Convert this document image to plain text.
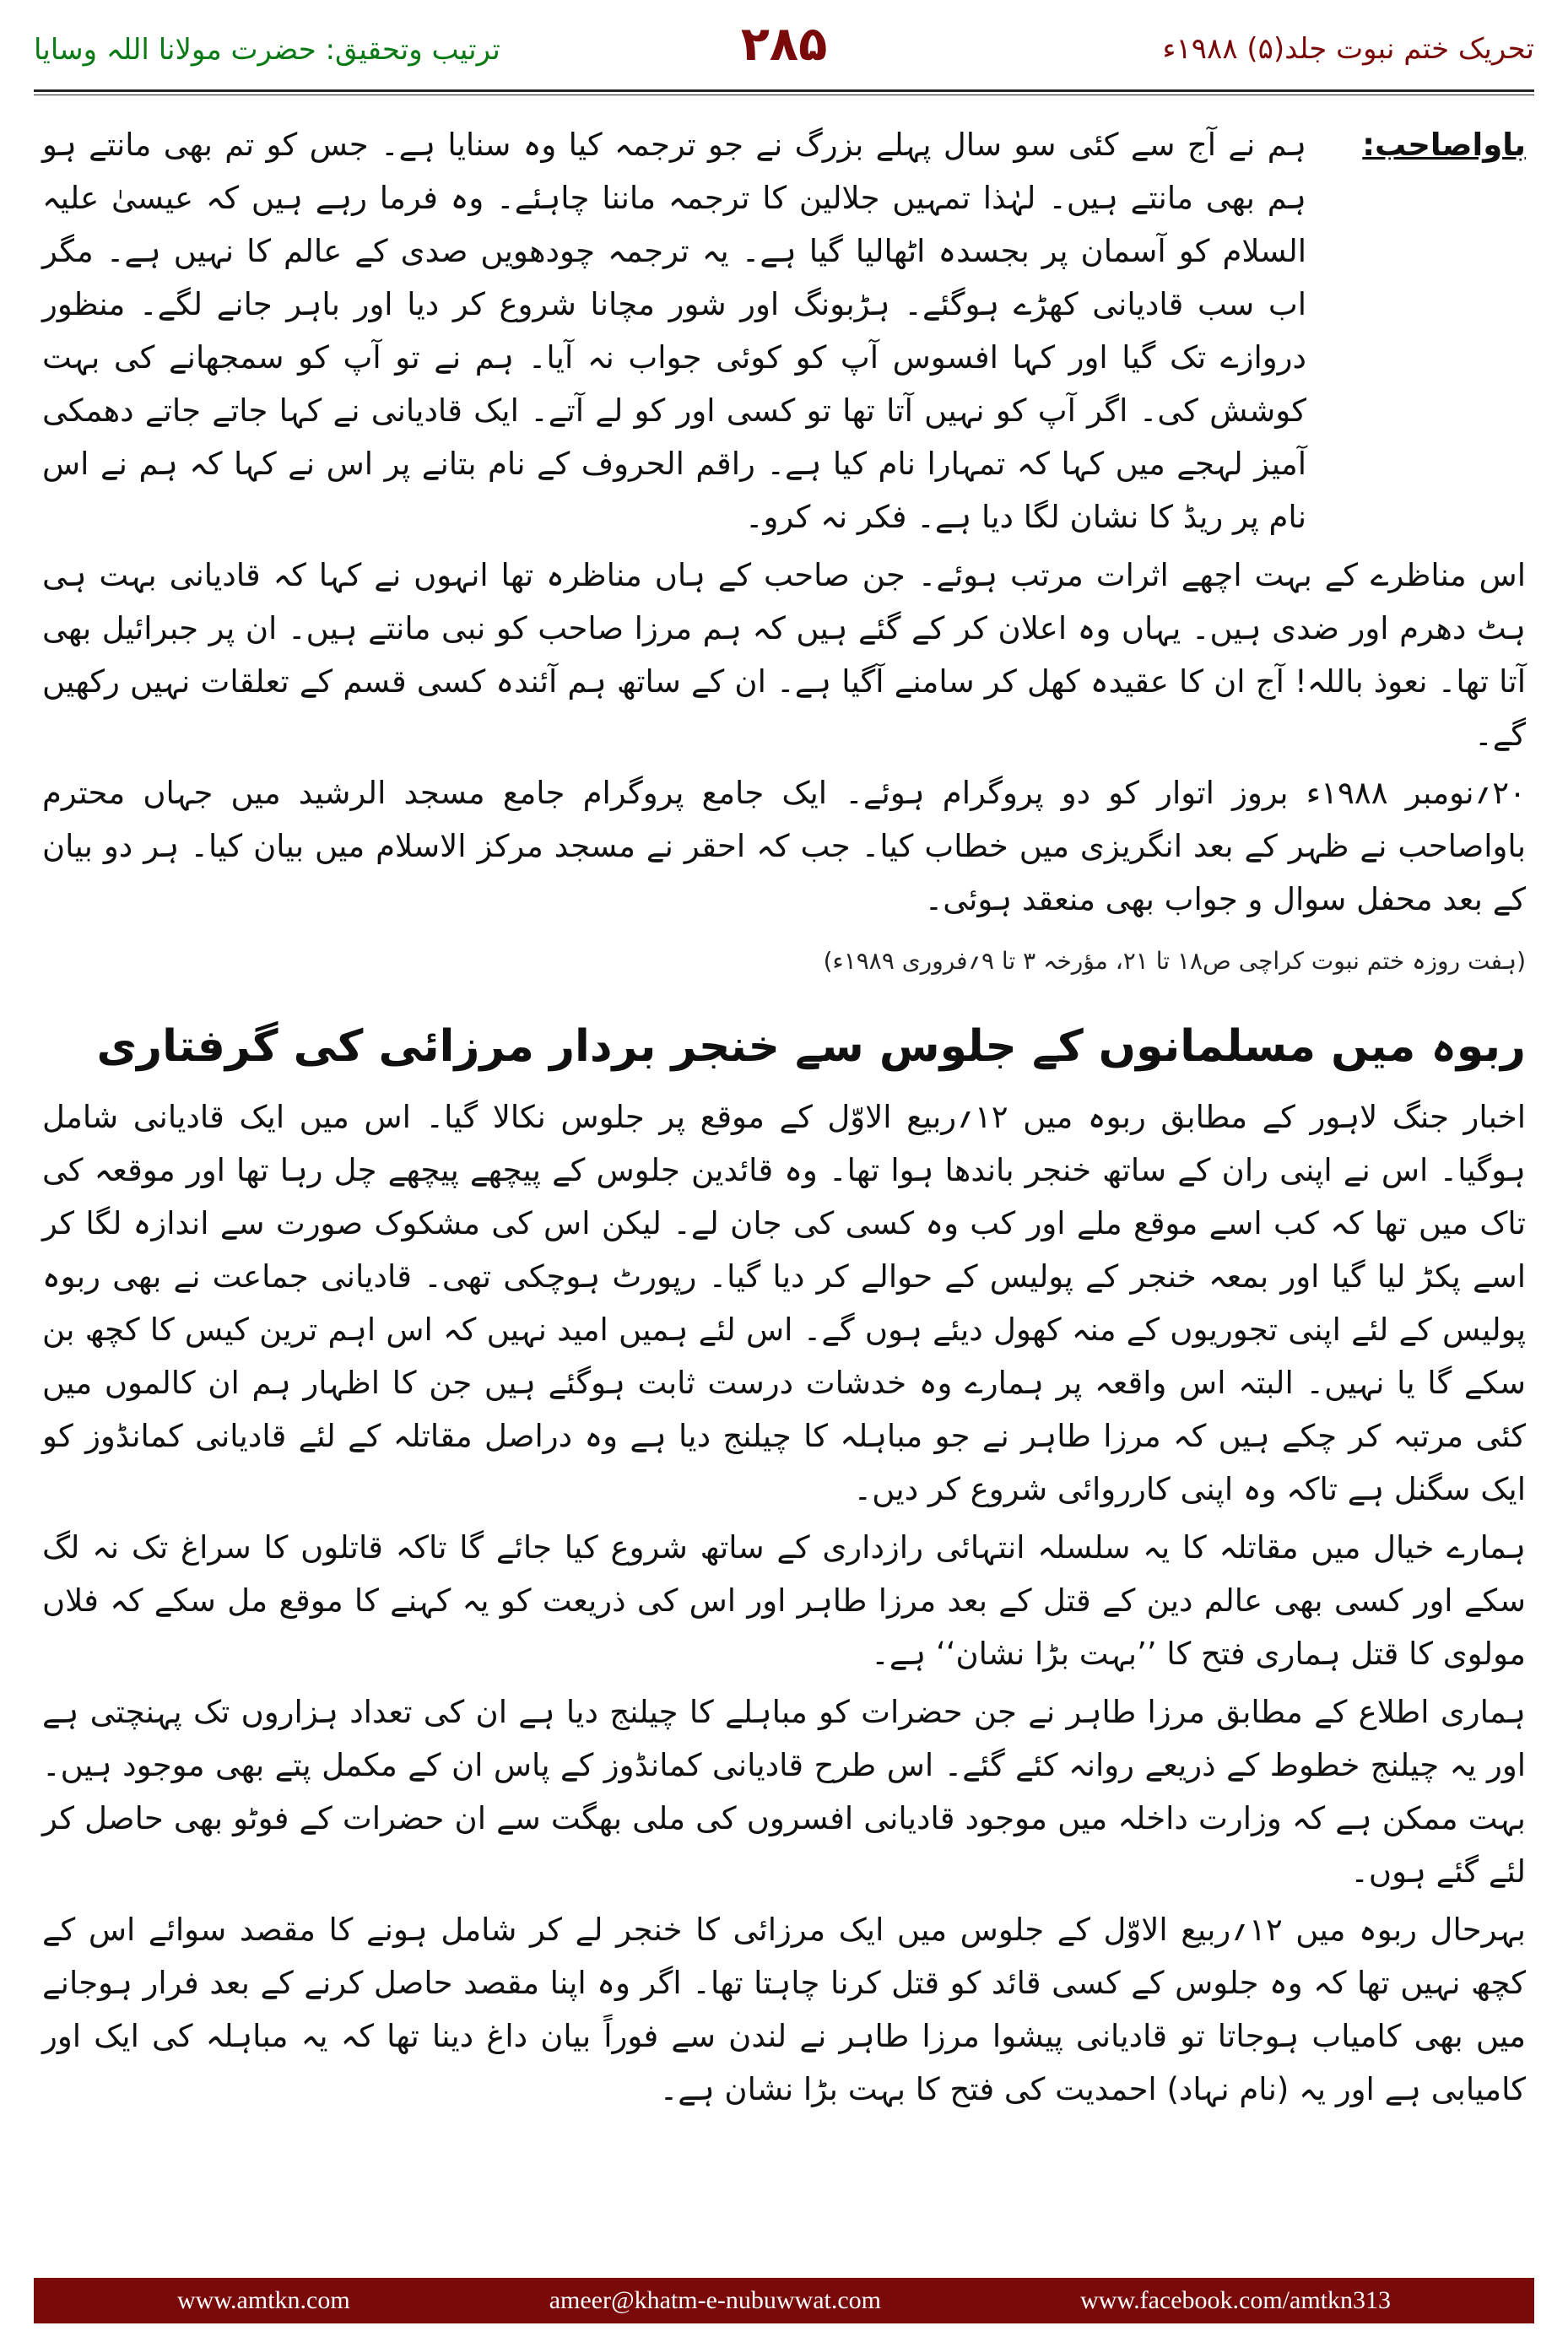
ترتیب وتحقیق: حضرت مولانا اللہ وسایا	۲۸۵	تحریک ختم نبوت جلد(۵) ۱۹۸۸ء
باواصاحب:

ہم نے آج سے کئی سو سال پہلے بزرگ نے جو ترجمہ کیا وہ سنایا ہے۔ جس کو تم بھی مانتے ہو ہم بھی مانتے ہیں۔ لہٰذا تمہیں جلالین کا ترجمہ ماننا چاہئے۔ وہ فرما رہے ہیں کہ عیسیٰ علیہ السلام کو آسمان پر بجسدہ اٹھالیا گیا ہے۔ یہ ترجمہ چودھویں صدی کے عالم کا نہیں ہے۔ مگر اب سب قادیانی کھڑے ہوگئے۔ ہڑبونگ اور شور مچانا شروع کر دیا اور باہر جانے لگے۔ منظور دروازے تک گیا اور کہا افسوس آپ کو کوئی جواب نہ آیا۔ ہم نے تو آپ کو سمجھانے کی بہت کوشش کی۔ اگر آپ کو نہیں آتا تھا تو کسی اور کو لے آتے۔ ایک قادیانی نے کہا جاتے جاتے دھمکی آمیز لہجے میں کہا کہ تمہارا نام کیا ہے۔ راقم الحروف کے نام بتانے پر اس نے کہا کہ ہم نے اس نام پر ریڈ کا نشان لگا دیا ہے۔ فکر نہ کرو۔

اس مناظرے کے بہت اچھے اثرات مرتب ہوئے۔ جن صاحب کے ہاں مناظرہ تھا انہوں نے کہا کہ قادیانی بہت ہی ہٹ دھرم اور ضدی ہیں۔ یہاں وہ اعلان کر کے گئے ہیں کہ ہم مرزا صاحب کو نبی مانتے ہیں۔ ان پر جبرائیل بھی آتا تھا۔ نعوذ باللہ! آج ان کا عقیدہ کھل کر سامنے آگیا ہے۔ ان کے ساتھ ہم آئندہ کسی قسم کے تعلقات نہیں رکھیں گے۔

۲۰؍نومبر ۱۹۸۸ء بروز اتوار کو دو پروگرام ہوئے۔ ایک جامع پروگرام جامع مسجد الرشید میں جہاں محترم باواصاحب نے ظہر کے بعد انگریزی میں خطاب کیا۔ جب کہ احقر نے مسجد مرکز الاسلام میں بیان کیا۔ ہر دو بیان کے بعد محفل سوال و جواب بھی منعقد ہوئی۔

(ہفت روزہ ختم نبوت کراچی ص۱۸ تا ۲۱، مؤرخہ ۳ تا ۹؍فروری ۱۹۸۹ء)
ربوہ میں مسلمانوں کے جلوس سے خنجر بردار مرزائی کی گرفتاری

اخبار جنگ لاہور کے مطابق ربوہ میں ۱۲؍ربیع الاوّل کے موقع پر جلوس نکالا گیا۔ اس میں ایک قادیانی شامل ہوگیا۔ اس نے اپنی ران کے ساتھ خنجر باندھا ہوا تھا۔ وہ قائدین جلوس کے پیچھے پیچھے چل رہا تھا اور موقعہ کی تاک میں تھا کہ کب اسے موقع ملے اور کب وہ کسی کی جان لے۔ لیکن اس کی مشکوک صورت سے اندازہ لگا کر اسے پکڑ لیا گیا اور بمعہ خنجر کے پولیس کے حوالے کر دیا گیا۔ رپورٹ ہوچکی تھی۔ قادیانی جماعت نے بھی ربوہ پولیس کے لئے اپنی تجوریوں کے منہ کھول دیئے ہوں گے۔ اس لئے ہمیں امید نہیں کہ اس اہم ترین کیس کا کچھ بن سکے گا یا نہیں۔ البتہ اس واقعہ پر ہمارے وہ خدشات درست ثابت ہوگئے ہیں جن کا اظہار ہم ان کالموں میں کئی مرتبہ کر چکے ہیں کہ مرزا طاہر نے جو مباہلہ کا چیلنج دیا ہے وہ دراصل مقاتلہ کے لئے قادیانی کمانڈوز کو ایک سگنل ہے تاکہ وہ اپنی کارروائی شروع کر دیں۔

ہمارے خیال میں مقاتلہ کا یہ سلسلہ انتہائی رازداری کے ساتھ شروع کیا جائے گا تاکہ قاتلوں کا سراغ تک نہ لگ سکے اور کسی بھی عالم دین کے قتل کے بعد مرزا طاہر اور اس کی ذریعت کو یہ کہنے کا موقع مل سکے کہ فلاں مولوی کا قتل ہماری فتح کا ’’بہت بڑا نشان‘‘ ہے۔

ہماری اطلاع کے مطابق مرزا طاہر نے جن حضرات کو مباہلے کا چیلنج دیا ہے ان کی تعداد ہزاروں تک پہنچتی ہے اور یہ چیلنج خطوط کے ذریعے روانہ کئے گئے۔ اس طرح قادیانی کمانڈوز کے پاس ان کے مکمل پتے بھی موجود ہیں۔ بہت ممکن ہے کہ وزارت داخلہ میں موجود قادیانی افسروں کی ملی بھگت سے ان حضرات کے فوٹو بھی حاصل کر لئے گئے ہوں۔

بہرحال ربوہ میں ۱۲؍ربیع الاوّل کے جلوس میں ایک مرزائی کا خنجر لے کر شامل ہونے کا مقصد سوائے اس کے کچھ نہیں تھا کہ وہ جلوس کے کسی قائد کو قتل کرنا چاہتا تھا۔ اگر وہ اپنا مقصد حاصل کرنے کے بعد فرار ہوجانے میں بھی کامیاب ہوجاتا تو قادیانی پیشوا مرزا طاہر نے لندن سے فوراً بیان داغ دینا تھا کہ یہ مباہلہ کی ایک اور کامیابی ہے اور یہ (نام نہاد) احمدیت کی فتح کا بہت بڑا نشان ہے۔

www.amtkn.com	ameer@khatm-e-nubuwwat.com	www.facebook.com/amtkn313
